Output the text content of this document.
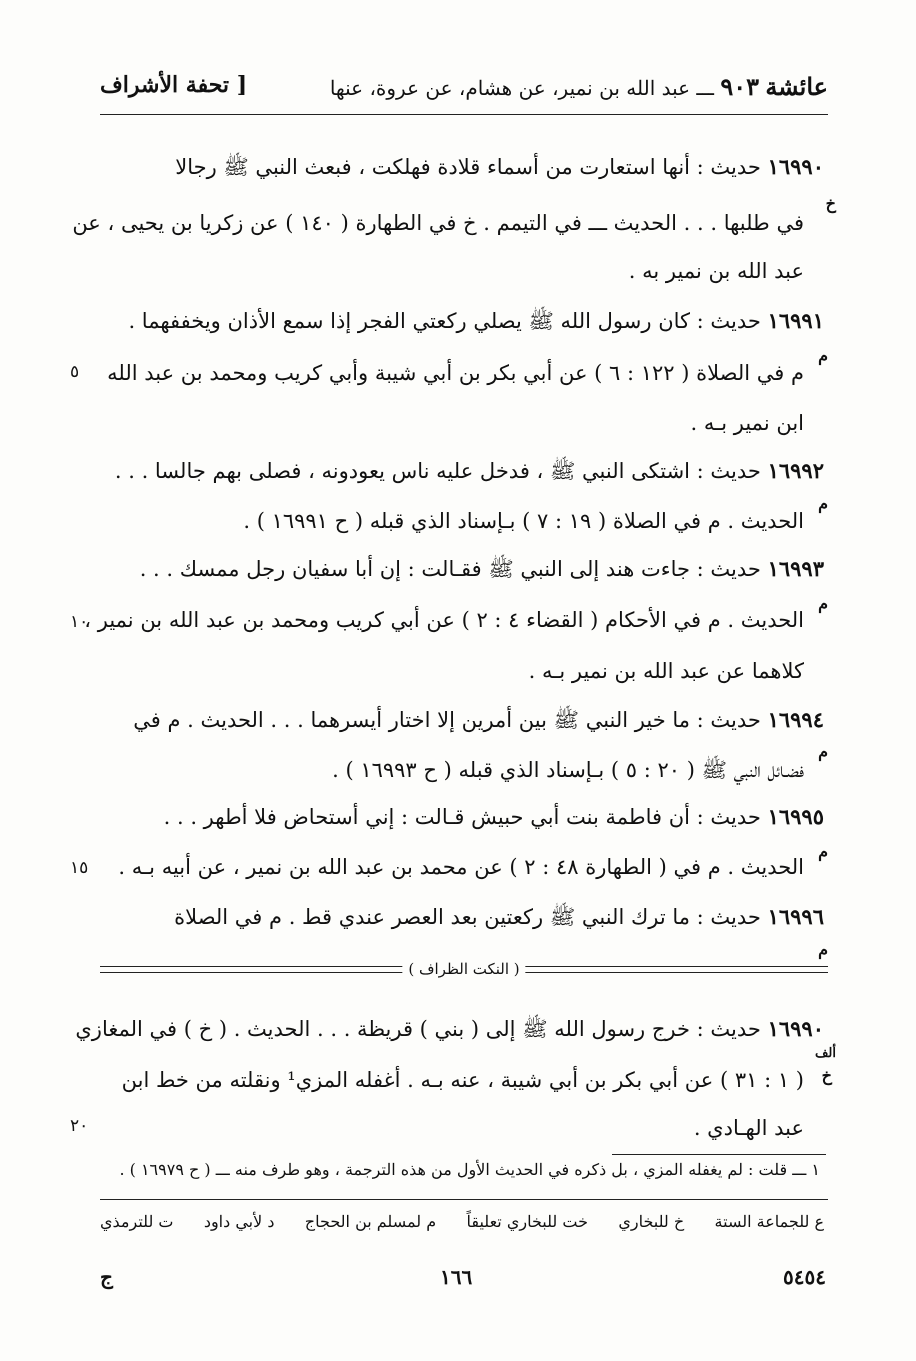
عائشة ٩٠٣ ـــ عبد الله بن نمير، عن هشام، عن عروة، عنها
[ تحفة الأشراف
١٦٩٩٠ حديث : أنها استعارت من أسماء قلادة فهلكت ، فبعث النبي ﷺ رجالا
في طلبها . . . الحديث ـــ في التيمم . خ في الطهارة ( ١٤٠ ) عن زكريا بن يحيى ، عن
عبد الله بن نمير به .
١٦٩٩١ حديث : كان رسول الله ﷺ يصلي ركعتي الفجر إذا سمع الأذان ويخففهما .
م في الصلاة ( ١٢٢ : ٦ ) عن أبي بكر بن أبي شيبة وأبي كريب ومحمد بن عبد الله
ابن نمير بـه .
١٦٩٩٢ حديث : اشتكى النبي ﷺ ، فدخل عليه ناس يعودونه ، فصلى بهم جالسا . . .
الحديث . م في الصلاة ( ١٩ : ٧ ) بـإسناد الذي قبله ( ح ١٦٩٩١ ) .
١٦٩٩٣ حديث : جاءت هند إلى النبي ﷺ فقـالت : إن أبا سفيان رجل ممسك . . .
الحديث . م في الأحكام ( القضاء ٤ : ٢ ) عن أبي كريب ومحمد بن عبد الله بن نمير ،
كلاهما عن عبد الله بن نمير بـه .
١٦٩٩٤ حديث : ما خير النبي ﷺ بين أمرين إلا اختار أيسرهما . . . الحديث . م في
فضـائل النبي ﷺ ( ٢٠ : ٥ ) بـإسناد الذي قبله ( ح ١٦٩٩٣ ) .
١٦٩٩٥ حديث : أن فاطمة بنت أبي حبيش قـالت : إني أستحاض فلا أطهر . . .
الحديث . م في ( الطهارة ٤٨ : ٢ ) عن محمد بن عبد الله بن نمير ، عن أبيه بـه .
١٦٩٩٦ حديث : ما ترك النبي ﷺ ركعتين بعد العصر عندي قط . م في الصلاة
خ
م
م
م
م
م
م
ألف
خ
٥
١٠
١٥
٢٠
( النكت الظراف )
١٦٩٩٠ حديث : خرج رسول الله ﷺ إلى ( بني ) قريظة . . . الحديث . ( خ ) في المغازي
( ١ : ٣١ ) عن أبي بكر بن أبي شيبة ، عنه بـه . أغفله المزي¹ ونقلته من خط ابن
عبد الهـادي .
١ ـــ قلت : لم يغفله المزي ، بل ذكره في الحديث الأول من هذه الترجمة ، وهو طرف منه ـــ ( ح ١٦٩٧٩ ) .
ع للجماعة الستة
خ للبخاري
خت للبخاري تعليقاً
م لمسلم بن الحجاج
د لأبي داود
ت للترمذي
٥٤٥٤
١٦٦
ج
